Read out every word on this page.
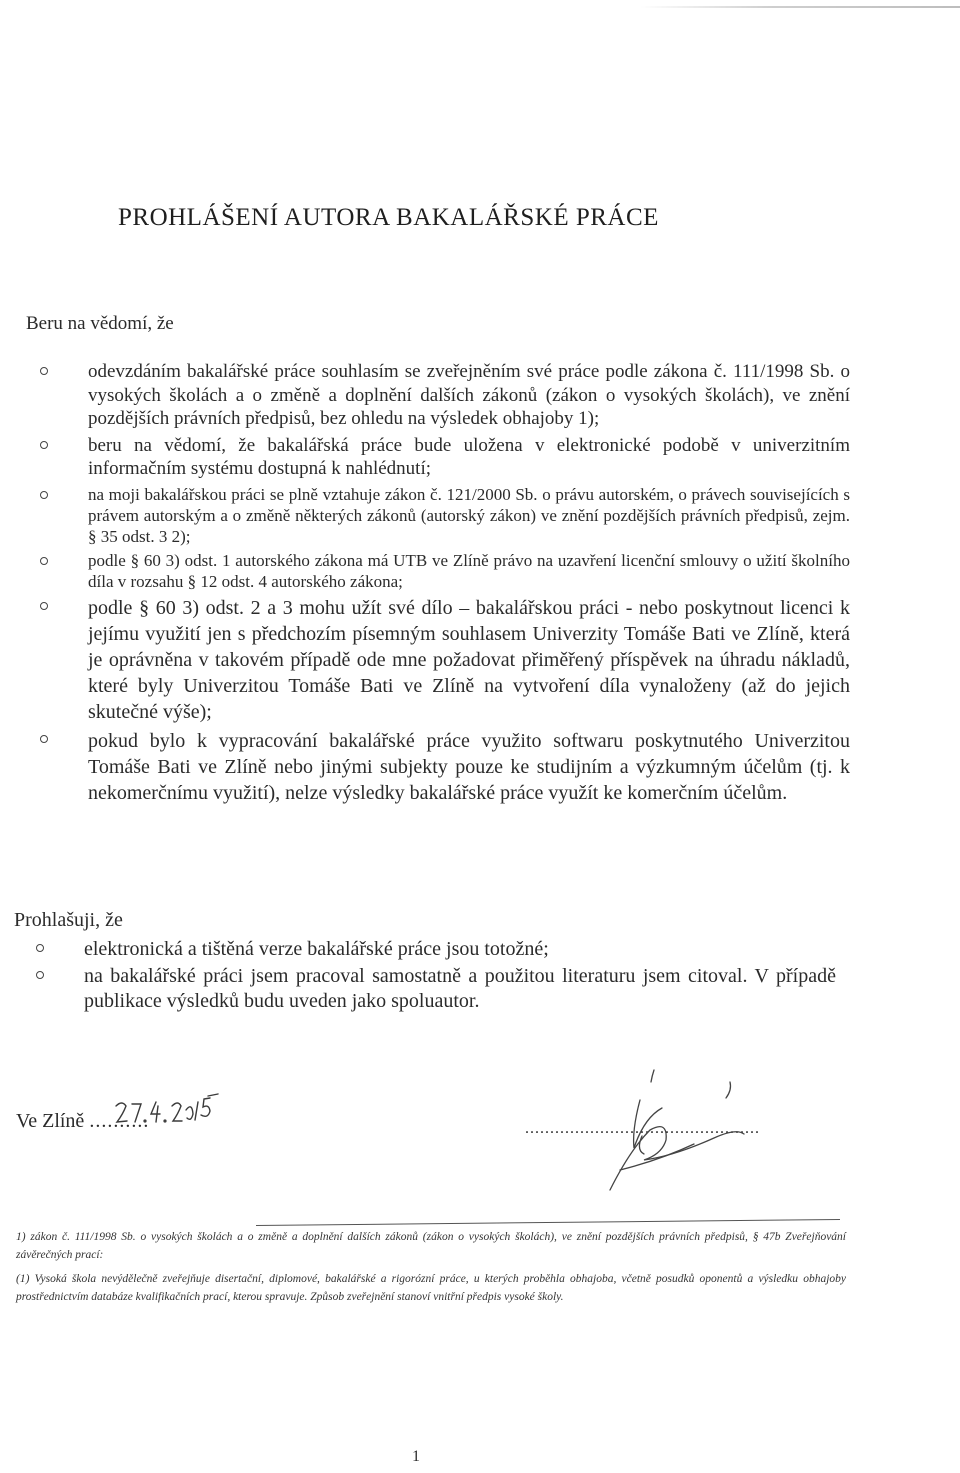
PROHLÁŠENÍ AUTORA BAKALÁŘSKÉ PRÁCE
Beru na vědomí, že
odevzdáním bakalářské práce souhlasím se zveřejněním své práce podle zákona č. 111/1998 Sb. o vysokých školách a o změně a doplnění dalších zákonů (zákon o vysokých školách), ve znění pozdějších právních předpisů, bez ohledu na výsledek obhajoby 1);
beru na vědomí, že bakalářská práce bude uložena v elektronické podobě v univerzitním informačním systému dostupná k nahlédnutí;
na moji bakalářskou práci se plně vztahuje zákon č. 121/2000 Sb. o právu autorském, o právech souvisejících s právem autorským a o změně některých zákonů (autorský zákon) ve znění pozdějších právních předpisů, zejm. § 35 odst. 3 2);
podle § 60 3) odst. 1 autorského zákona má UTB ve Zlíně právo na uzavření licenční smlouvy o užití školního díla v rozsahu § 12 odst. 4 autorského zákona;
podle § 60 3) odst. 2 a 3 mohu užít své dílo – bakalářskou práci - nebo poskytnout licenci k jejímu využití jen s předchozím písemným souhlasem Univerzity Tomáše Bati ve Zlíně, která je oprávněna v takovém případě ode mne požadovat přiměřený příspěvek na úhradu nákladů, které byly Univerzitou Tomáše Bati ve Zlíně na vytvoření díla vynaloženy (až do jejich skutečné výše);
pokud bylo k vypracování bakalářské práce využito softwaru poskytnutého Univerzitou Tomáše Bati ve Zlíně nebo jinými subjekty pouze ke studijním a výzkumným účelům (tj. k nekomerčnímu využití), nelze výsledky bakalářské práce využít ke komerčním účelům.
Prohlašuji, že
elektronická a tištěná verze bakalářské práce jsou totožné;
na bakalářské práci jsem pracoval samostatně a použitou literaturu jsem citoval. V případě publikace výsledků budu uveden jako spoluautor.
Ve Zlíně ..........	...............................................

1) zákon č. 111/1998 Sb. o vysokých školách a o změně a doplnění dalších zákonů (zákon o vysokých školách), ve znění pozdějších právních předpisů, § 47b Zveřejňování závěrečných prací:

(1) Vysoká škola nevýdělečně zveřejňuje disertační, diplomové, bakalářské a rigorózní práce, u kterých proběhla obhajoba, včetně posudků oponentů a výsledku obhajoby prostřednictvím databáze kvalifikačních prací, kterou spravuje. Způsob zveřejnění stanoví vnitřní předpis vysoké školy.

1
